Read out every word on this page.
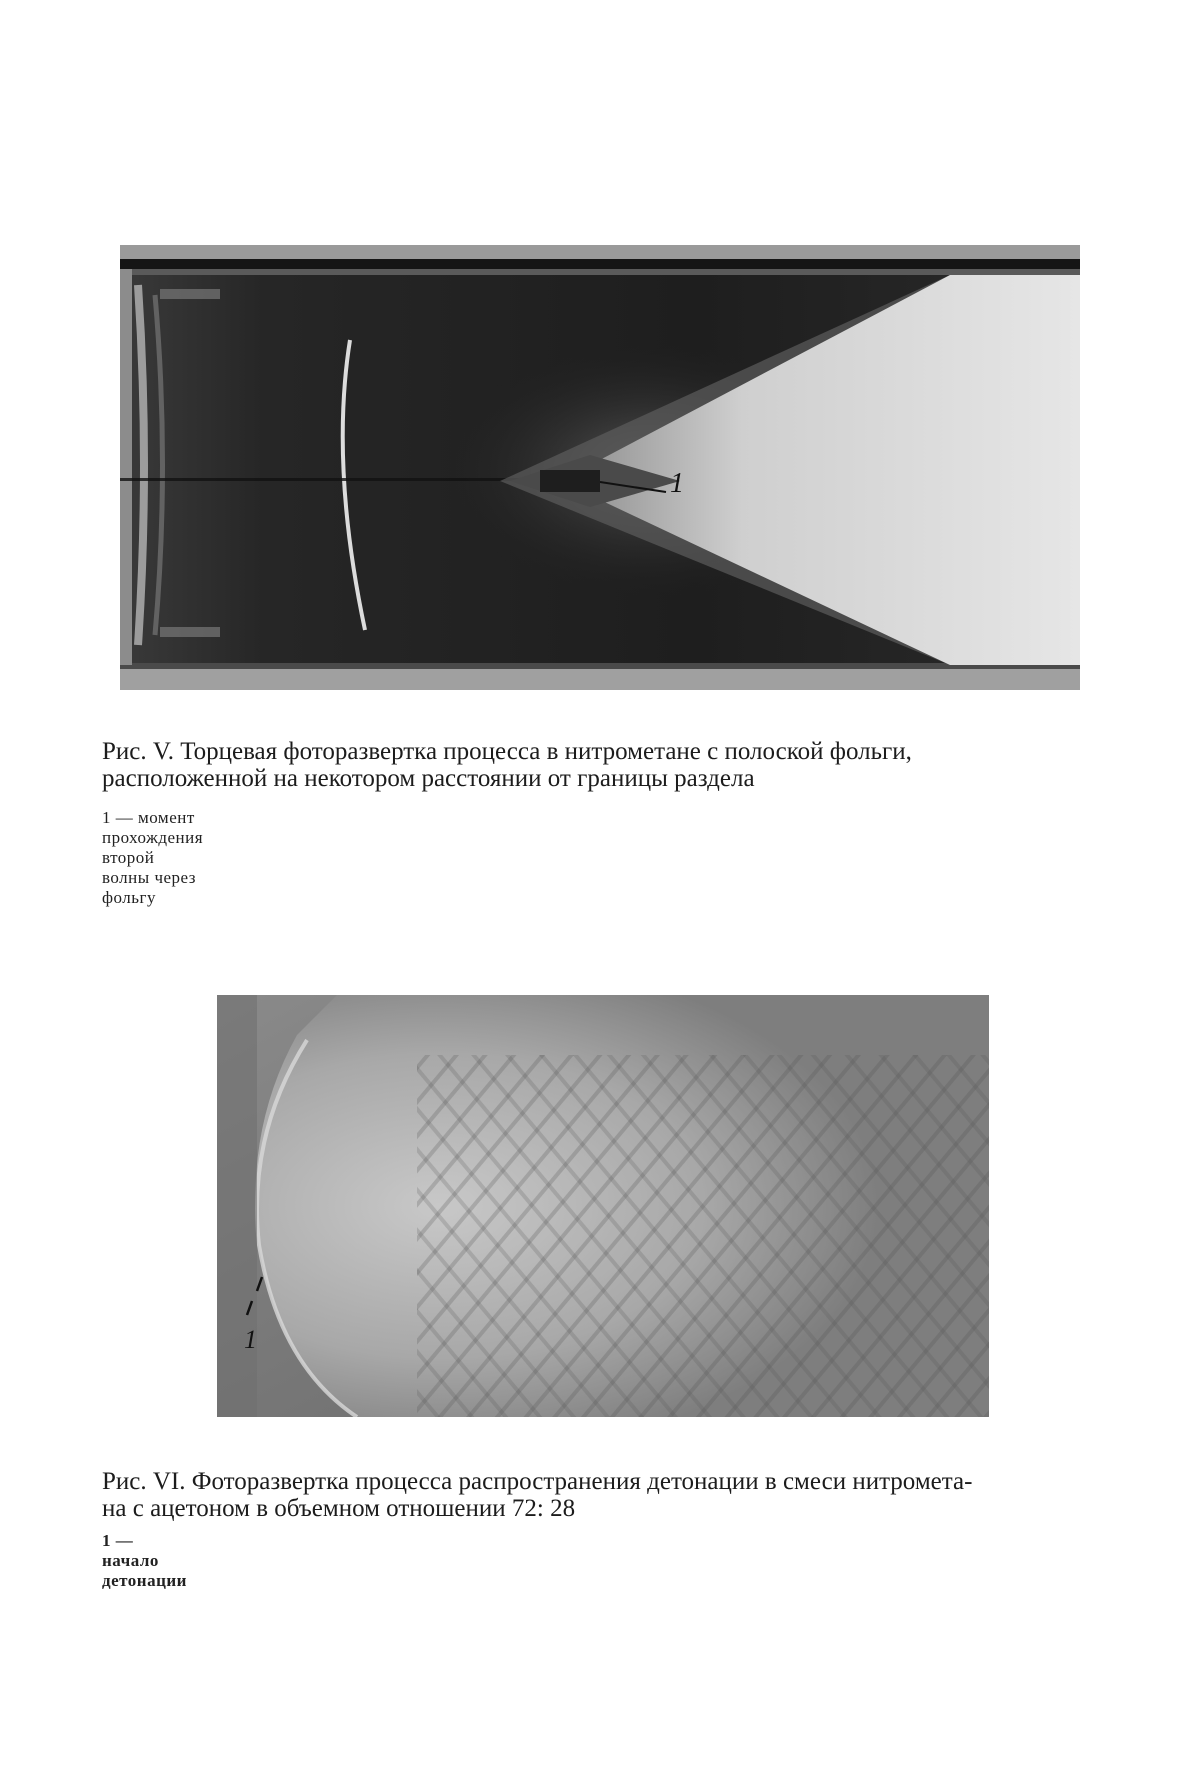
1
Рис. V. Торцевая фоторазвертка процесса в нитрометане с полоской фольги,
расположенной на некотором расстоянии от границы раздела
1 — момент прохождения второй волны через фольгу
1
Рис. VI. Фоторазвертка процесса распространения детонации в смеси нитромета-
на с ацетоном в объемном отношении 72: 28
1 — начало детонации
